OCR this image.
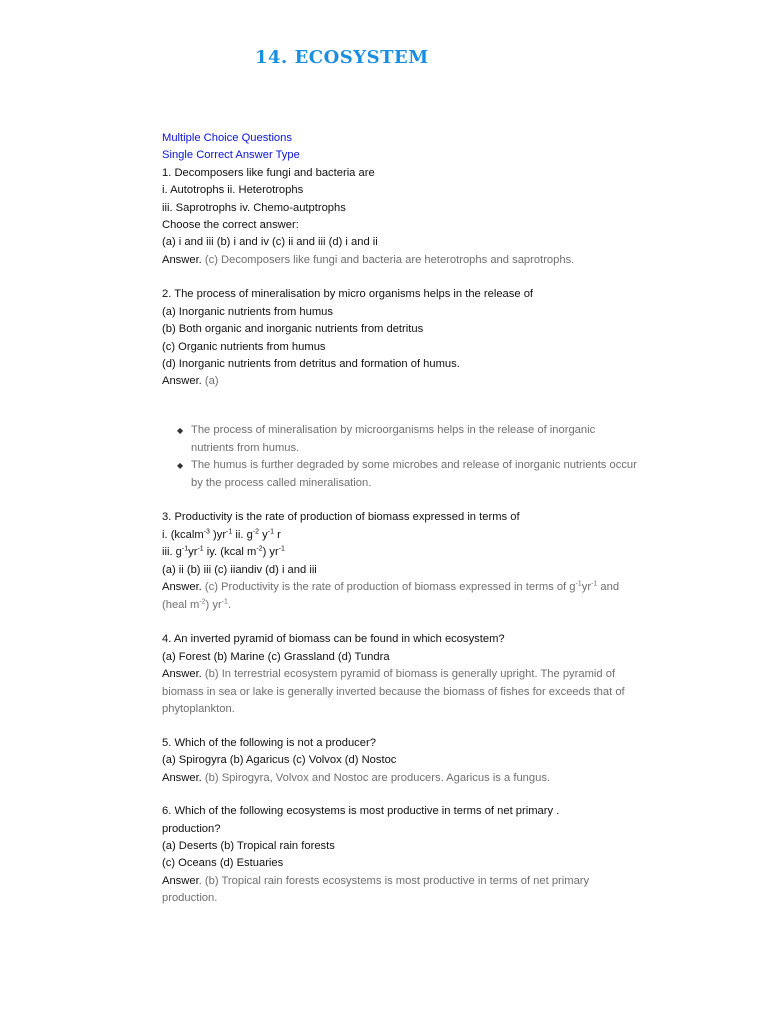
14. ECOSYSTEM
Multiple Choice Questions
Single Correct Answer Type
1. Decomposers like fungi and bacteria are
i. Autotrophs ii. Heterotrophs
iii. Saprotrophs iv. Chemo-autptrophs
Choose the correct answer:
(a) i and iii (b) i and iv (c) ii and iii (d) i and ii
Answer. (c) Decomposers like fungi and bacteria are heterotrophs and saprotrophs.
2. The process of mineralisation by micro organisms helps in the release of
(a) Inorganic nutrients from humus
(b) Both organic and inorganic nutrients from detritus
(c) Organic nutrients from humus
(d) Inorganic nutrients from detritus and formation of humus.
Answer. (a)
◆ The process of mineralisation by microorganisms helps in the release of inorganic nutrients from humus.
◆ The humus is further degraded by some microbes and release of inorganic nutrients occur by the process called mineralisation.
3. Productivity is the rate of production of biomass expressed in terms of
i. (kcalm$^{-3}$ )$yr^{-1}$ ii. $g^{-2}$ $y^{-1}$ r
iii. $g^{-1}yr^{-1}$ iy. (kcal $m^{-2}$) $yr^{-1}$
(a) ii (b) iii (c) iiandiv (d) i and iii
Answer. (c) Productivity is the rate of production of biomass expressed in terms of $g^{-1}yr^{-1}$ and (heal $m^{-2}$) $yr^{-1}$.
4. An inverted pyramid of biomass can be found in which ecosystem?
(a) Forest (b) Marine (c) Grassland (d) Tundra
Answer. (b) In terrestrial ecosystem pyramid of biomass is generally upright. The pyramid of biomass in sea or lake is generally inverted because the biomass of fishes for exceeds that of phytoplankton.
5. Which of the following is not a producer?
(a) Spirogyra (b) Agaricus (c) Volvox (d) Nostoc
Answer. (b) Spirogyra, Volvox and Nostoc are producers. Agaricus is a fungus.
6. Which of the following ecosystems is most productive in terms of net primary .
production?
(a) Deserts (b) Tropical rain forests
(c) Oceans (d) Estuaries
Answer. (b) Tropical rain forests ecosystems is most productive in terms of net primary production.
